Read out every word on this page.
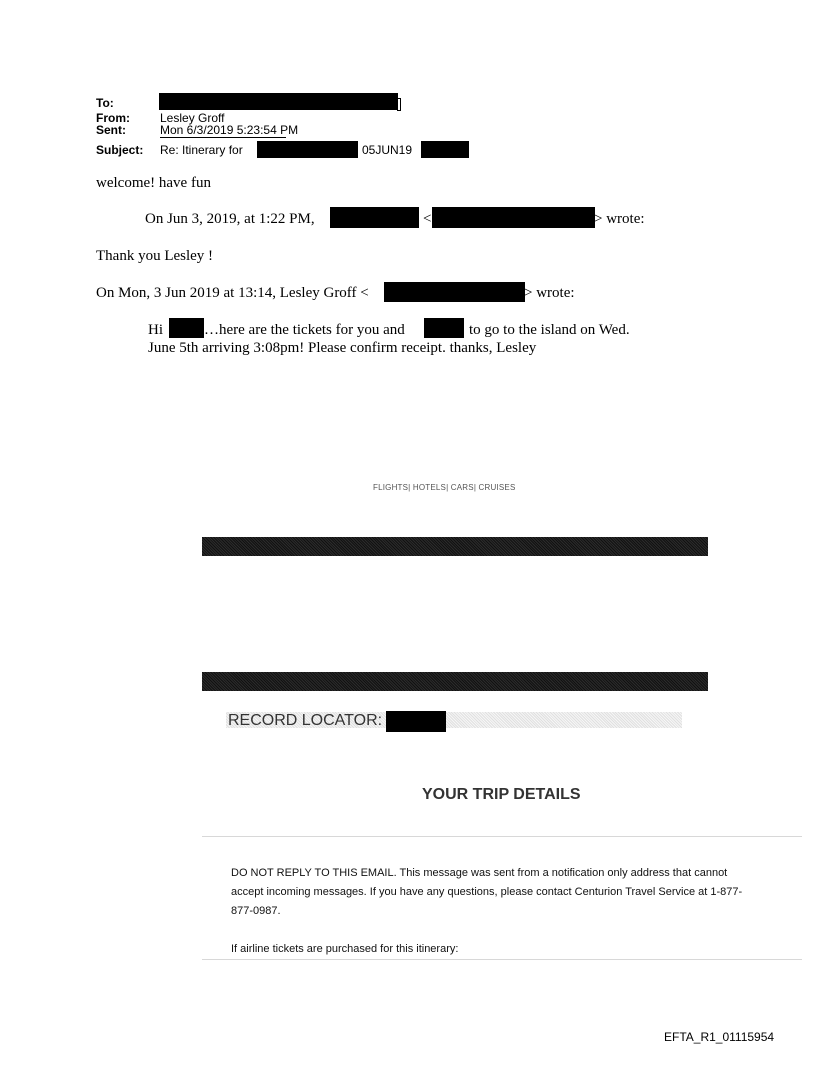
To:
From:	Lesley Groff
Sent:	Mon 6/3/2019 5:23:54 PM
Subject: Re: Itinerary for	05JUN19
welcome! have fun
On Jun 3, 2019, at 1:22 PM,	<	> wrote:
Thank you Lesley !
On Mon, 3 Jun 2019 at 13:14, Lesley Groff <	> wrote:
Hi	…here are the tickets for you and	to go to the island on Wed.
June 5th arriving 3:08pm! Please confirm receipt. thanks, Lesley
FLIGHTS| HOTELS| CARS| CRUISES
RECORD LOCATOR:
YOUR TRIP DETAILS
DO NOT REPLY TO THIS EMAIL. This message was sent from a notification only address that cannot accept incoming messages. If you have any questions, please contact Centurion Travel Service at 1-877-877-0987.
If airline tickets are purchased for this itinerary:
EFTA_R1_01115954
